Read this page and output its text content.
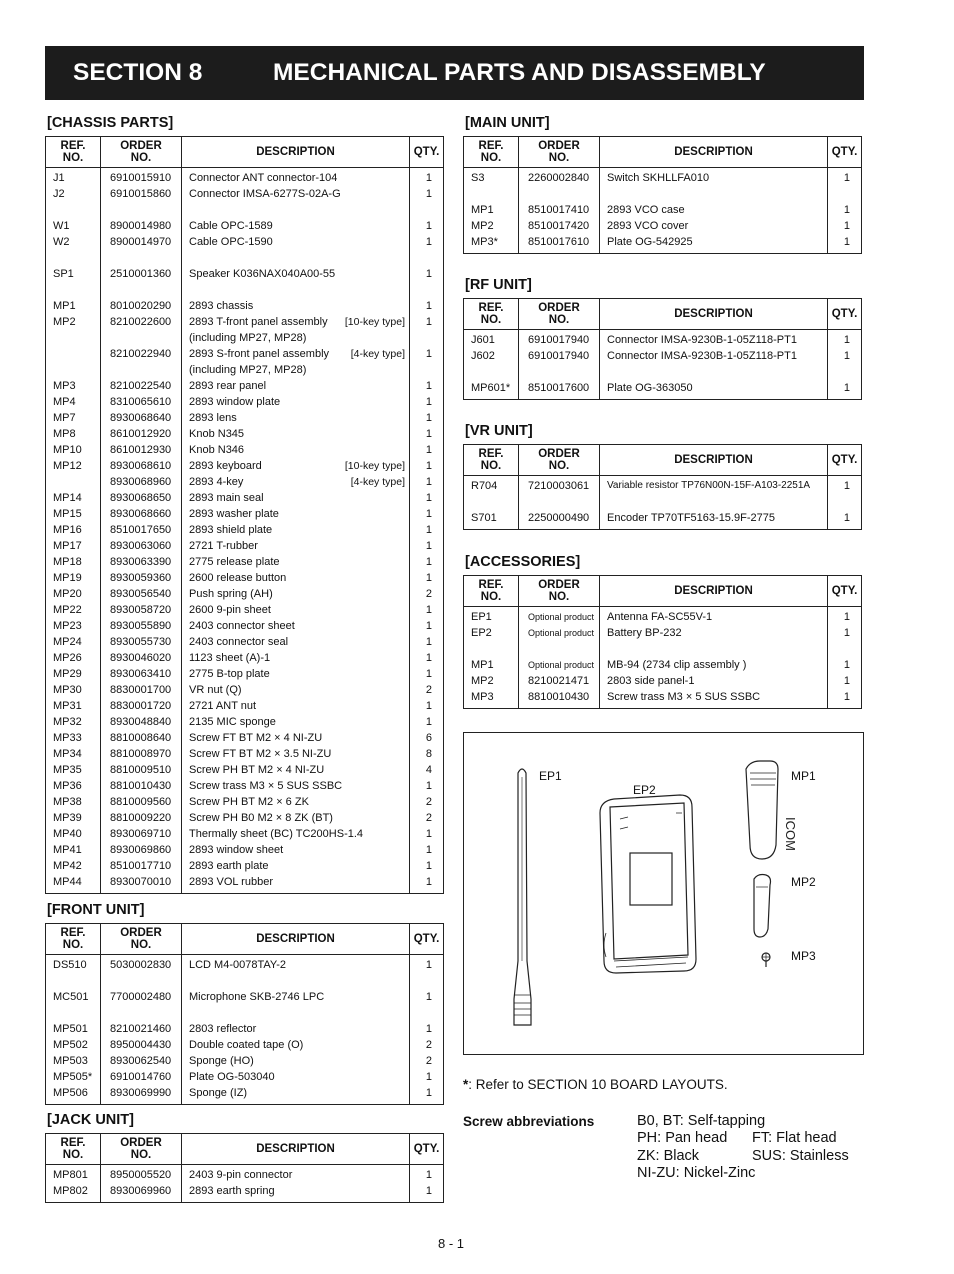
SECTION 8	MECHANICAL PARTS AND DISASSEMBLY
[CHASSIS PARTS]
REF.
NO.	ORDER
NO.	DESCRIPTION	QTY.
J1	6910015910	Connector ANT connector-104	1
J2	6910015860	Connector IMSA-6277S-02A-G	1

W1	8900014980	Cable OPC-1589	1
W2	8900014970	Cable OPC-1590	1

SP1	2510001360	Speaker K036NAX040A00-55	1

MP1	8010020290	2893 chassis	1
MP2	8210022600	2893 T-front panel assembly [10-key type]	1
		(including MP27, MP28)	
	8210022940	2893 S-front panel assembly [4-key type]	1
		(including MP27, MP28)	
MP3	8210022540	2893 rear panel	1
MP4	8310065610	2893 window plate	1
MP7	8930068640	2893 lens	1
MP8	8610012920	Knob N345	1
MP10	8610012930	Knob N346	1
MP12	8930068610	2893 keyboard [10-key type]	1
	8930068960	2893 4-key [4-key type]	1
MP14	8930068650	2893 main seal	1
MP15	8930068660	2893 washer plate	1
MP16	8510017650	2893 shield plate	1
MP17	8930063060	2721 T-rubber	1
MP18	8930063390	2775 release plate	1
MP19	8930059360	2600 release button	1
MP20	8930056540	Push spring (AH)	2
MP22	8930058720	2600 9-pin sheet	1
MP23	8930055890	2403 connector sheet	1
MP24	8930055730	2403 connector seal	1
MP26	8930046020	1123 sheet (A)-1	1
MP29	8930063410	2775 B-top plate	1
MP30	8830001700	VR nut (Q)	2
MP31	8830001720	2721 ANT nut	1
MP32	8930048840	2135 MIC sponge	1
MP33	8810008640	Screw FT BT M2 × 4 NI-ZU	6
MP34	8810008970	Screw FT BT M2 × 3.5 NI-ZU	8
MP35	8810009510	Screw PH BT M2 × 4 NI-ZU	4
MP36	8810010430	Screw trass M3 × 5 SUS SSBC	1
MP38	8810009560	Screw PH BT M2 × 6 ZK	2
MP39	8810009220	Screw PH B0 M2 × 8 ZK (BT)	2
MP40	8930069710	Thermally sheet (BC) TC200HS-1.4	1
MP41	8930069860	2893 window sheet	1
MP42	8510017710	2893 earth plate	1
MP44	8930070010	2893 VOL rubber	1
[FRONT UNIT]
REF.
NO.	ORDER
NO.	DESCRIPTION	QTY.
DS510	5030002830	LCD M4-0078TAY-2	1

MC501	7700002480	Microphone SKB-2746 LPC	1

MP501	8210021460	2803 reflector	1
MP502	8950004430	Double coated tape (O)	2
MP503	8930062540	Sponge (HO)	2
MP505*	6910014760	Plate OG-503040	1
MP506	8930069990	Sponge (IZ)	1
[JACK UNIT]
REF.
NO.	ORDER
NO.	DESCRIPTION	QTY.
MP801	8950005520	2403 9-pin connector	1
MP802	8930069960	2893 earth spring	1
[MAIN UNIT]
REF.
NO.	ORDER
NO.	DESCRIPTION	QTY.
S3	2260002840	Switch SKHLLFA010	1

MP1	8510017410	2893 VCO case	1
MP2	8510017420	2893 VCO cover	1
MP3*	8510017610	Plate OG-542925	1
[RF UNIT]
REF.
NO.	ORDER
NO.	DESCRIPTION	QTY.
J601	6910017940	Connector IMSA-9230B-1-05Z118-PT1	1
J602	6910017940	Connector IMSA-9230B-1-05Z118-PT1	1

MP601*	8510017600	Plate OG-363050	1
[VR UNIT]
REF.
NO.	ORDER
NO.	DESCRIPTION	QTY.
R704	7210003061	Variable resistor TP76N00N-15F-A103-2251A	1

S701	2250000490	Encoder TP70TF5163-15.9F-2775	1
[ACCESSORIES]
REF.
NO.	ORDER
NO.	DESCRIPTION	QTY.
EP1	Optional product	Antenna FA-SC55V-1	1
EP2	Optional product	Battery BP-232	1

MP1	Optional product	MB-94 (2734 clip assembly )	1
MP2	8210021471	2803 side panel-1	1
MP3	8810010430	Screw trass M3 × 5 SUS SSBC	1
ICOM
EP1
EP2
MP1
MP2
MP3
*: Refer to SECTION 10 BOARD LAYOUTS.
Screw abbreviations	B0, BT: Self-tapping
PH: Pan head FT: Flat head
ZK: Black	SUS: Stainless
NI-ZU: Nickel-Zinc
8 - 1
